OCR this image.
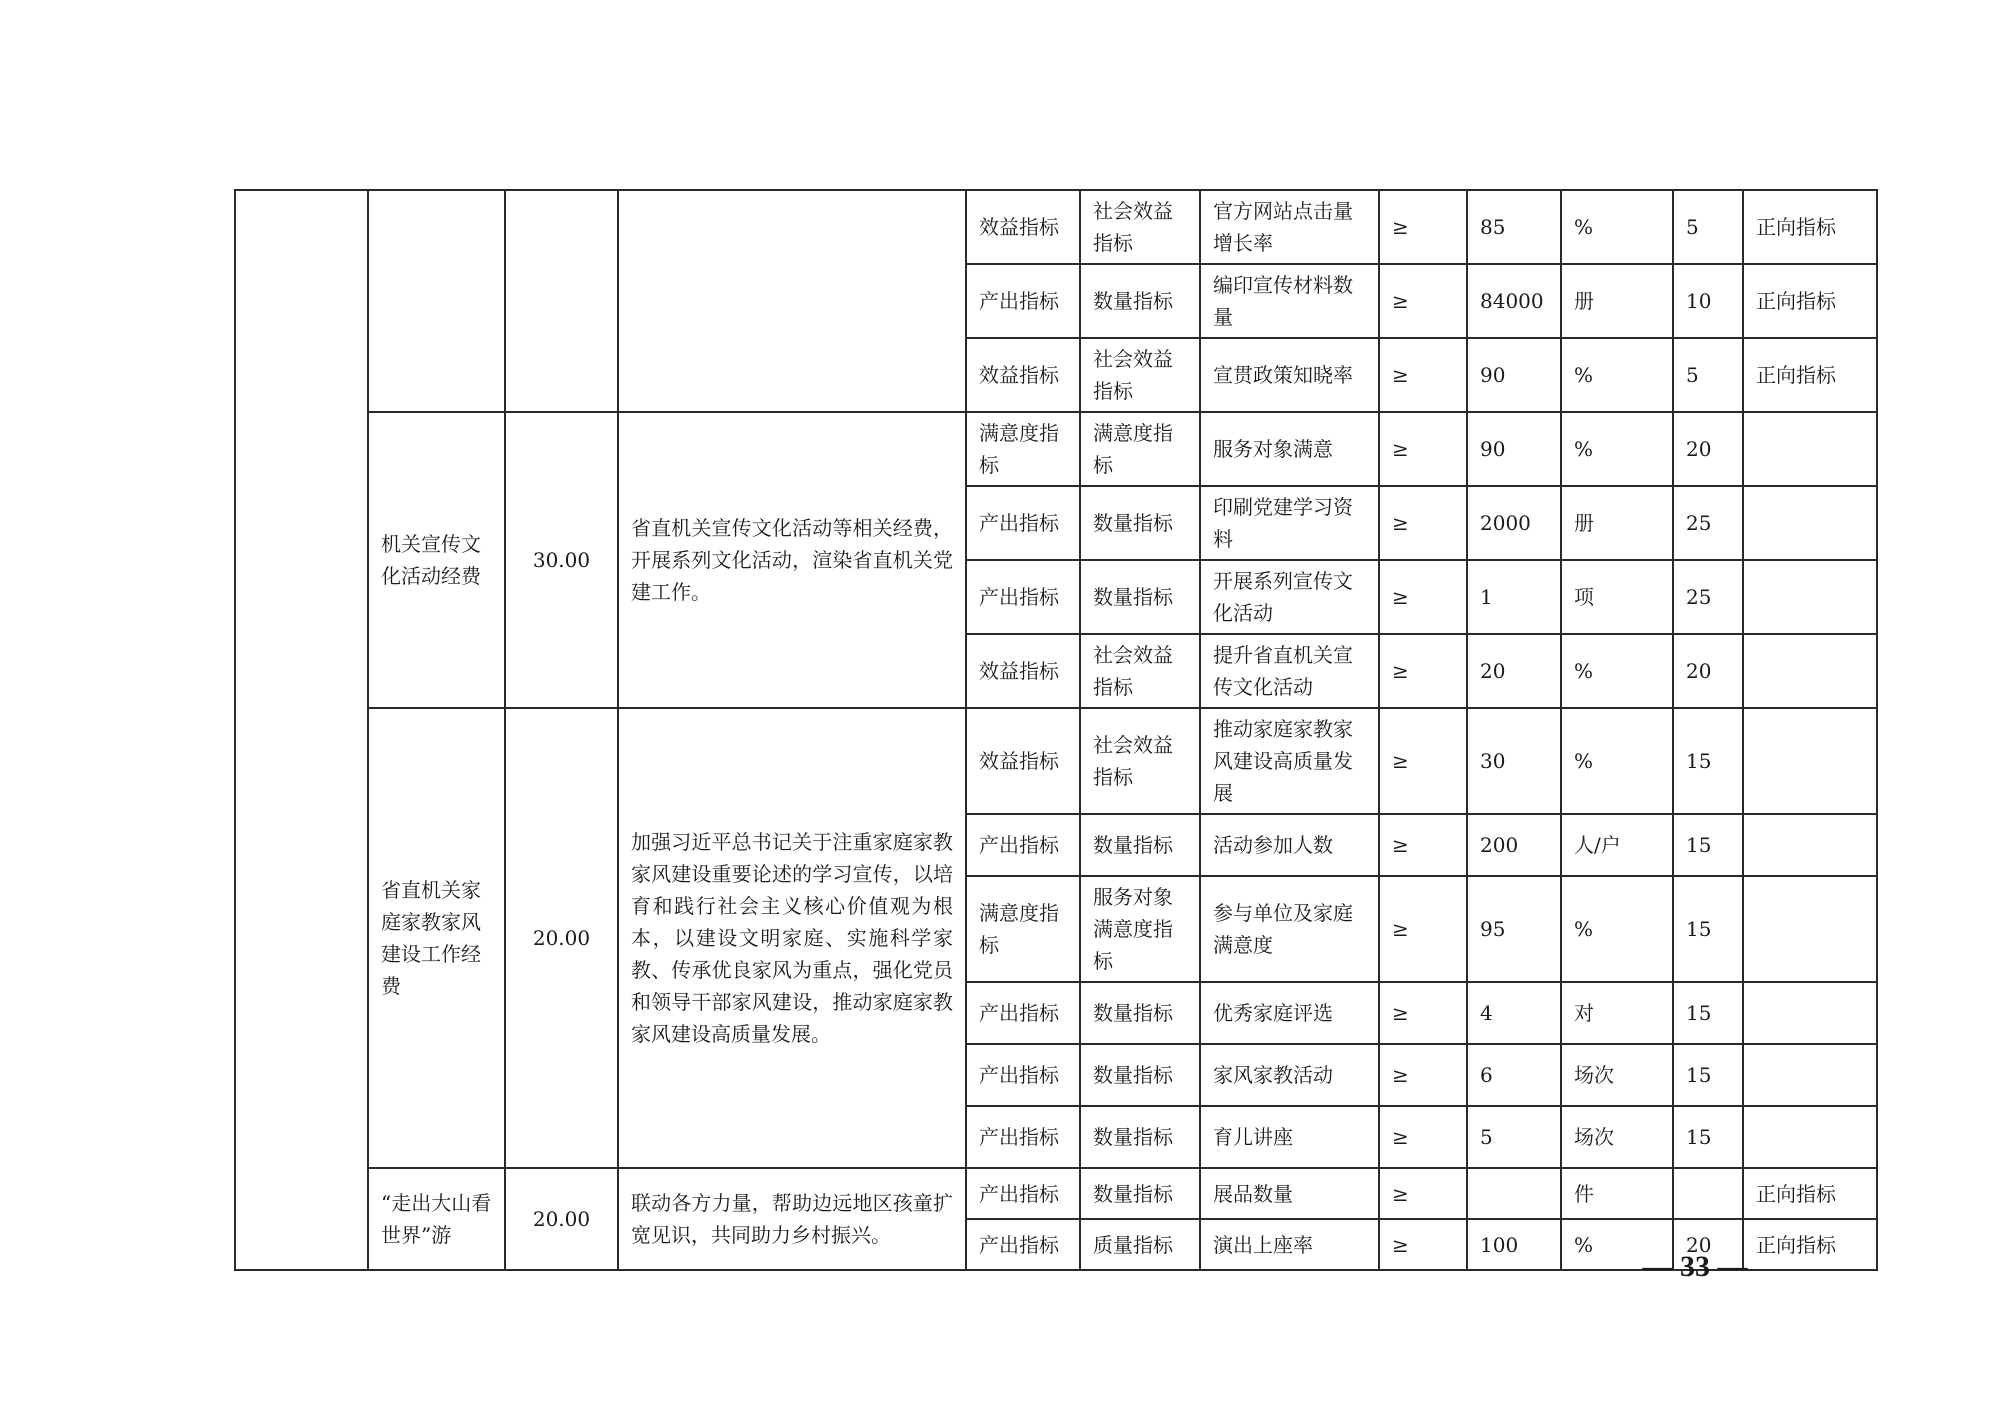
				效益指标	社会效益指标	官方网站点击量增长率	≥	85	%	5	正向指标
				产出指标	数量指标	编印宣传材料数量	≥	84000	册	10	正向指标
				效益指标	社会效益指标	宣贯政策知晓率	≥	90	%	5	正向指标
	机关宣传文化活动经费	30.00	省直机关宣传文化活动等相关经费，开展系列文化活动，渲染省直机关党建工作。	满意度指标	满意度指标	服务对象满意	≥	90	%	20	
				产出指标	数量指标	印刷党建学习资料	≥	2000	册	25	
				产出指标	数量指标	开展系列宣传文化活动	≥	1	项	25	
				效益指标	社会效益指标	提升省直机关宣传文化活动	≥	20	%	20	
	省直机关家庭家教家风建设工作经费	20.00	加强习近平总书记关于注重家庭家教家风建设重要论述的学习宣传，以培育和践行社会主义核心价值观为根本，以建设文明家庭、实施科学家教、传承优良家风为重点，强化党员和领导干部家风建设，推动家庭家教家风建设高质量发展。	效益指标	社会效益指标	推动家庭家教家风建设高质量发展	≥	30	%	15	
				产出指标	数量指标	活动参加人数	≥	200	人/户	15	
				满意度指标	服务对象满意度指标	参与单位及家庭满意度	≥	95	%	15	
				产出指标	数量指标	优秀家庭评选	≥	4	对	15	
				产出指标	数量指标	家风家教活动	≥	6	场次	15	
				产出指标	数量指标	育儿讲座	≥	5	场次	15	
	“走出大山看世界”游	20.00	联动各方力量，帮助边远地区孩童扩宽见识，共同助力乡村振兴。	产出指标	数量指标	展品数量	≥		件		正向指标
				产出指标	质量指标	演出上座率	≥	100	%	20	正向指标
— 33 —
